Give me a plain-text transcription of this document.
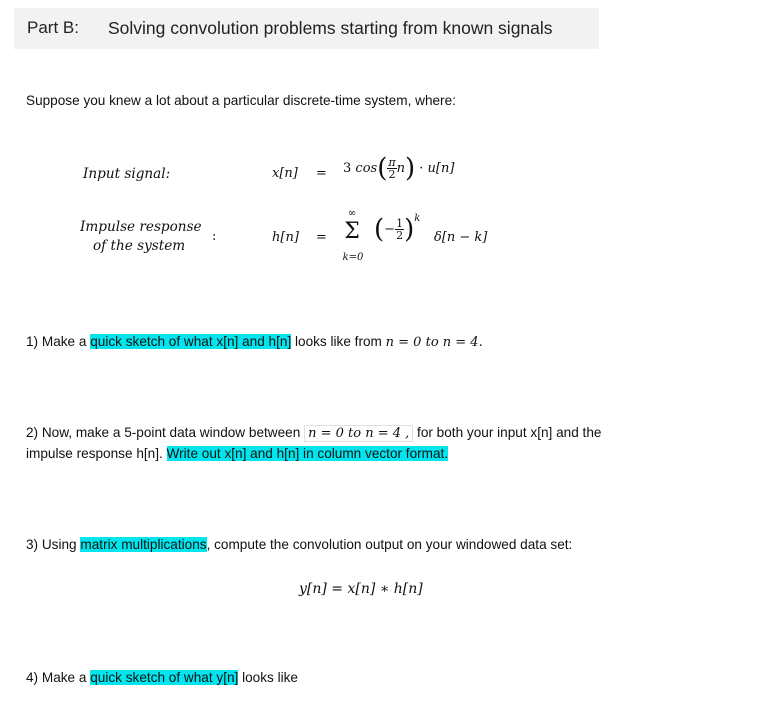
Part B: Solving convolution problems starting from known signals
Suppose you knew a lot about a particular discrete-time system, where:
Input signal:	x[n] = 3 $\cos( \frac{\pi}{2} n) \cdot u[n]$
Impulse response
of the system
:	h[n] =
∞
Σ
k=0
(− $\frac{1}{2} )^k$
δ[n − k]
1) Make a quick sketch of what x[n] and h[n] looks like from n = 0 to n = 4.
2) Now, make a 5-point data window between n = 0 to n = 4 , for both your input x[n] and the
impulse response h[n]. Write out x[n] and h[n] in column vector format.
3) Using matrix multiplications, compute the convolution output on your windowed data set:
y[n] = x[n] ∗ h[n]
4) Make a quick sketch of what y[n] looks like
